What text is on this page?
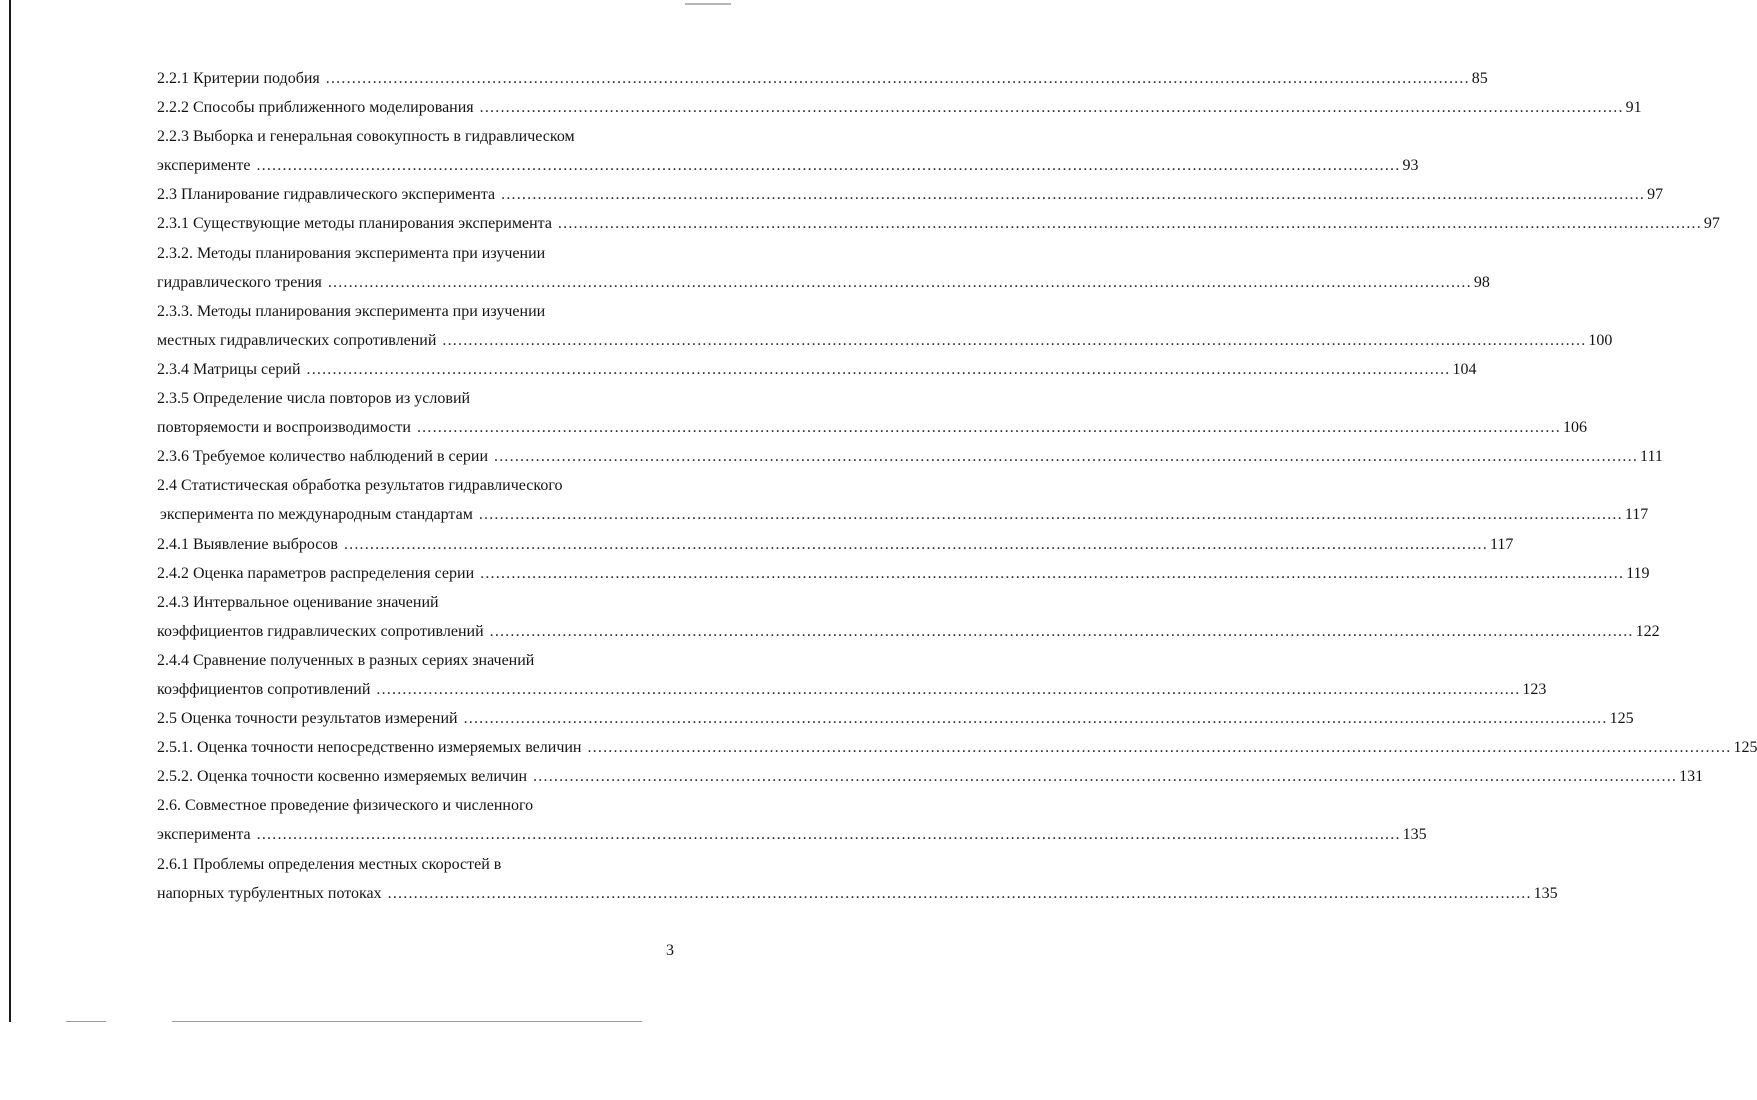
2.2.1 Критерии подобия ............................................................................................................................................................................................................................ 85
2.2.2 Способы приближенного моделирования ............................................................................................................................................................................................................................ 91
2.2.3 Выборка и генеральная совокупность в гидравлическом
эксперименте ............................................................................................................................................................................................................................ 93
2.3 Планирование гидравлического эксперимента ............................................................................................................................................................................................................................ 97
2.3.1 Существующие методы планирования эксперимента ............................................................................................................................................................................................................................ 97
2.3.2. Методы планирования эксперимента при изучении
гидравлического трения ............................................................................................................................................................................................................................ 98
2.3.3. Методы планирования эксперимента при изучении
местных гидравлических сопротивлений ............................................................................................................................................................................................................................ 100
2.3.4 Матрицы серий ............................................................................................................................................................................................................................ 104
2.3.5 Определение числа повторов из условий
повторяемости и воспроизводимости ............................................................................................................................................................................................................................ 106
2.3.6 Требуемое количество наблюдений в серии ............................................................................................................................................................................................................................ 111
2.4 Статистическая обработка результатов гидравлического
эксперимента по международным стандартам ............................................................................................................................................................................................................................ 117
2.4.1 Выявление выбросов ............................................................................................................................................................................................................................ 117
2.4.2 Оценка параметров распределения серии ............................................................................................................................................................................................................................ 119
2.4.3 Интервальное оценивание значений
коэффициентов гидравлических сопротивлений ............................................................................................................................................................................................................................ 122
2.4.4 Сравнение полученных в разных сериях значений
коэффициентов сопротивлений ............................................................................................................................................................................................................................ 123
2.5 Оценка точности результатов измерений ............................................................................................................................................................................................................................ 125
2.5.1. Оценка точности непосредственно измеряемых величин ............................................................................................................................................................................................................................ 125
2.5.2. Оценка точности косвенно измеряемых величин ............................................................................................................................................................................................................................ 131
2.6. Совместное проведение физического и численного
эксперимента ............................................................................................................................................................................................................................ 135
2.6.1 Проблемы определения местных скоростей в
напорных турбулентных потоках ............................................................................................................................................................................................................................ 135
3
